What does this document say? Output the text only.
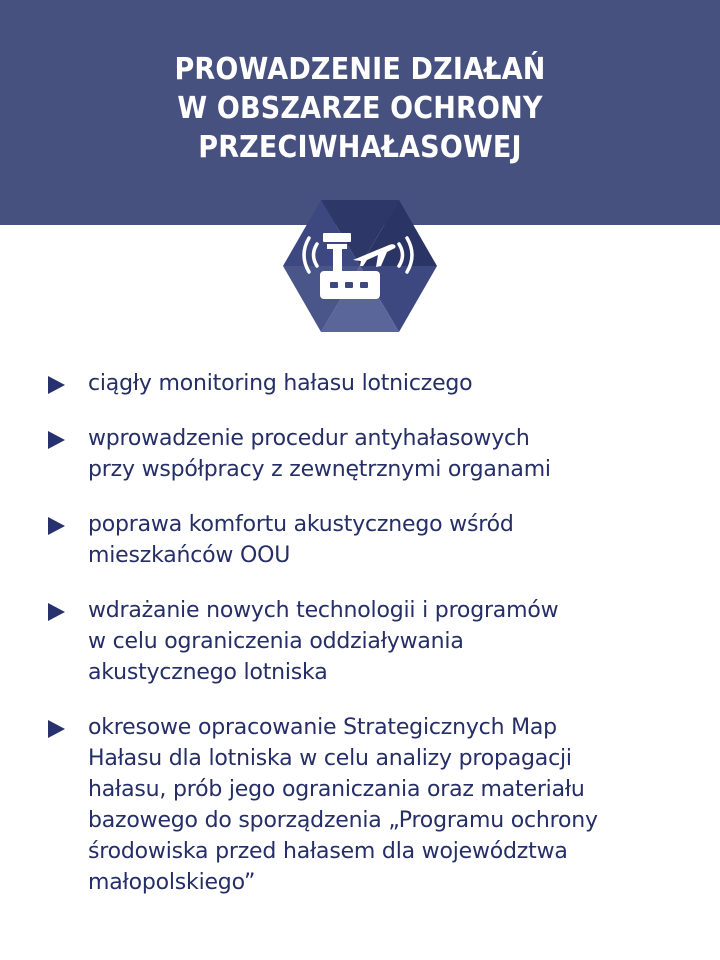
PROWADZENIE DZIAŁAŃ
W OBSZARZE OCHRONY
PRZECIWHAŁASOWEJ
ciągły monitoring hałasu lotniczego
wprowadzenie procedur antyhałasowych
przy współpracy z zewnętrznymi organami
poprawa komfortu akustycznego wśród
mieszkańców OOU
wdrażanie nowych technologii i programów
w celu ograniczenia oddziaływania
akustycznego lotniska
okresowe opracowanie Strategicznych Map
Hałasu dla lotniska w celu analizy propagacji
hałasu, prób jego ograniczania oraz materiału
bazowego do sporządzenia „Programu ochrony
środowiska przed hałasem dla województwa
małopolskiego”
